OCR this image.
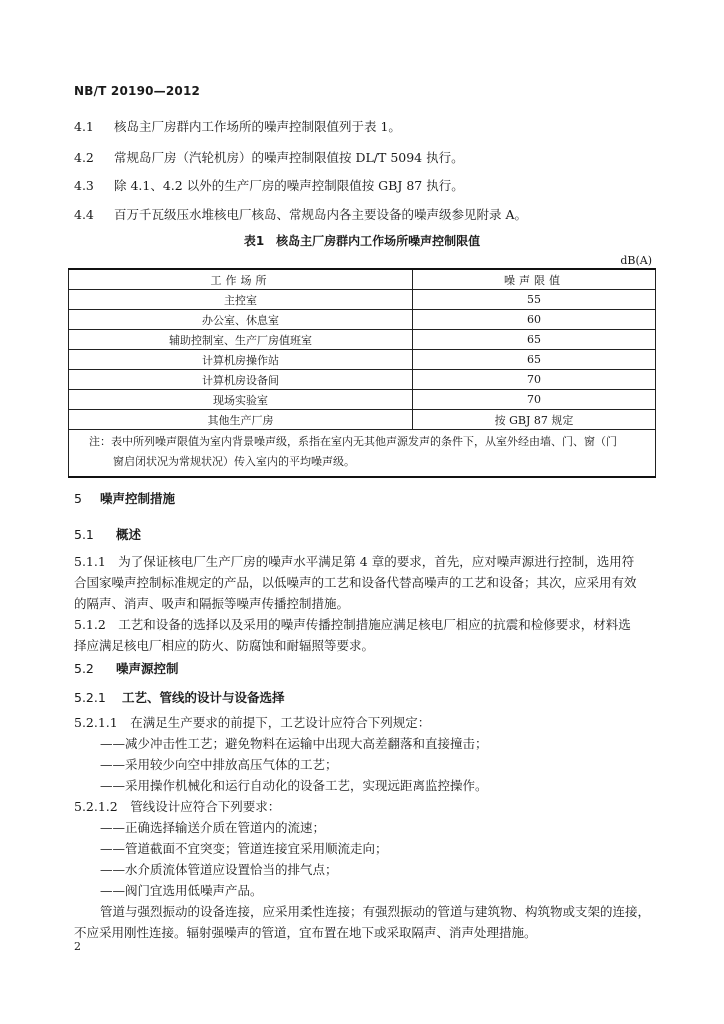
NB/T 20190—2012
4.1 核岛主厂房群内工作场所的噪声控制限值列于表 1。
4.2 常规岛厂房（汽轮机房）的噪声控制限值按 DL/T 5094 执行。
4.3 除 4.1、4.2 以外的生产厂房的噪声控制限值按 GBJ 87 执行。
4.4 百万千瓦级压水堆核电厂核岛、常规岛内各主要设备的噪声级参见附录 A。
表1　核岛主厂房群内工作场所噪声控制限值
dB(A)
工作场所	噪声限值
主控室	55
办公室、休息室	60
辅助控制室、生产厂房值班室	65
计算机房操作站	65
计算机房设备间	70
现场实验室	70
其他生产厂房	按 GBJ 87 规定

注：表中所列噪声限值为室内背景噪声级，系指在室内无其他声源发声的条件下，从室外经由墙、门、窗（门
窗启闭状况为常规状况）传入室内的平均噪声级。	
5 噪声控制措施
5.1 概述
5.1.1　为了保证核电厂生产厂房的噪声水平满足第 4 章的要求，首先，应对噪声源进行控制，选用符
合国家噪声控制标准规定的产品，以低噪声的工艺和设备代替高噪声的工艺和设备；其次，应采用有效
的隔声、消声、吸声和隔振等噪声传播控制措施。
5.1.2　工艺和设备的选择以及采用的噪声传播控制措施应满足核电厂相应的抗震和检修要求，材料选
择应满足核电厂相应的防火、防腐蚀和耐辐照等要求。
5.2 噪声源控制
5.2.1 工艺、管线的设计与设备选择
5.2.1.1　在满足生产要求的前提下，工艺设计应符合下列规定：
——减少冲击性工艺；避免物料在运输中出现大高差翻落和直接撞击；
——采用较少向空中排放高压气体的工艺；
——采用操作机械化和运行自动化的设备工艺，实现远距离监控操作。
5.2.1.2　管线设计应符合下列要求：
——正确选择输送介质在管道内的流速；
——管道截面不宜突变；管道连接宜采用顺流走向；
——水介质流体管道应设置恰当的排气点；
——阀门宜选用低噪声产品。
管道与强烈振动的设备连接，应采用柔性连接；有强烈振动的管道与建筑物、构筑物或支架的连接，
不应采用刚性连接。辐射强噪声的管道，宜布置在地下或采取隔声、消声处理措施。
2
